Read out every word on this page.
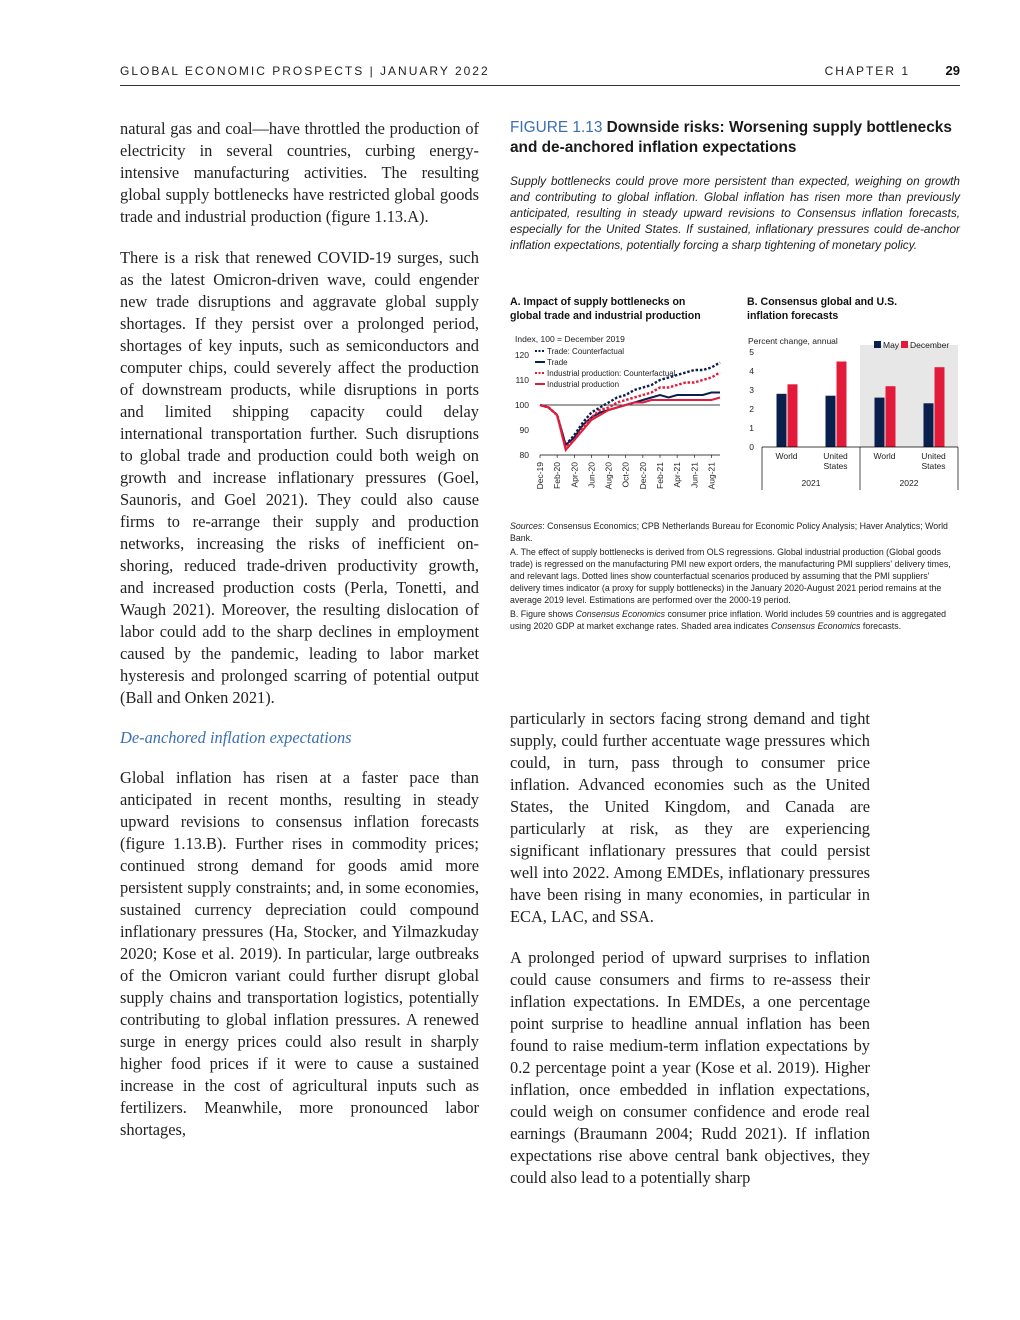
GLOBAL ECONOMIC PROSPECTS | JANUARY 2022	CHAPTER 1	29

natural gas and coal—have throttled the production of electricity in several countries, curbing energy-intensive manufacturing activities. The resulting global supply bottlenecks have restricted global goods trade and industrial production (figure 1.13.A).

There is a risk that renewed COVID-19 surges, such as the latest Omicron-driven wave, could engender new trade disruptions and aggravate global supply shortages. If they persist over a prolonged period, shortages of key inputs, such as semiconductors and computer chips, could severely affect the production of downstream products, while disruptions in ports and limited shipping capacity could delay international transportation further. Such disruptions to global trade and production could both weigh on growth and increase inflationary pressures (Goel, Saunoris, and Goel 2021). They could also cause firms to re-arrange their supply and production networks, increasing the risks of inefficient on-shoring, reduced trade-driven productivity growth, and increased production costs (Perla, Tonetti, and Waugh 2021). Moreover, the resulting dislocation of labor could add to the sharp declines in employment caused by the pandemic, leading to labor market hysteresis and prolonged scarring of potential output (Ball and Onken 2021).

De-anchored inflation expectations

Global inflation has risen at a faster pace than anticipated in recent months, resulting in steady upward revisions to consensus inflation forecasts (figure 1.13.B). Further rises in commodity prices; continued strong demand for goods amid more persistent supply constraints; and, in some economies, sustained currency depreciation could compound inflationary pressures (Ha, Stocker, and Yilmazkuday 2020; Kose et al. 2019). In particular, large outbreaks of the Omicron variant could further disrupt global supply chains and transportation logistics, potentially contributing to global inflation pressures. A renewed surge in energy prices could also result in sharply higher food prices if it were to cause a sustained increase in the cost of agricultural inputs such as fertilizers. Meanwhile, more pronounced labor shortages,

FIGURE 1.13 Downside risks: Worsening supply bottlenecks and de-anchored inflation expectations

Supply bottlenecks could prove more persistent than expected, weighing on growth and contributing to global inflation. Global inflation has risen more than previously anticipated, resulting in steady upward revisions to Consensus inflation forecasts, especially for the United States. If sustained, inflationary pressures could de-anchor inflation expectations, potentially forcing a sharp tightening of monetary policy.

A. Impact of supply bottlenecks on
global trade and industrial production
B. Consensus global and U.S.
inflation forecasts
Index, 100 = December 2019
80
90
100
110
120
Dec-19 Feb-20 Apr-20 Jun-20 Aug-20 Oct-20 Dec-20 Feb-21 Apr-21 Jun-21 Aug-21
Trade: Counterfactual
Trade
Industrial production: Counterfactual
Industrial production
Percent change, annual
0
1
2
3
4
5
World	United
States
World	United
States
2021	2022
May December

Sources: Consensus Economics; CPB Netherlands Bureau for Economic Policy Analysis; Haver Analytics; World Bank.

A. The effect of supply bottlenecks is derived from OLS regressions. Global industrial production (Global goods trade) is regressed on the manufacturing PMI new export orders, the manufacturing PMI suppliers' delivery times, and relevant lags. Dotted lines show counterfactual scenarios produced by assuming that the PMI suppliers' delivery times indicator (a proxy for supply bottlenecks) in the January 2020-August 2021 period remains at the average 2019 level. Estimations are performed over the 2000-19 period.

B. Figure shows Consensus Economics consumer price inflation. World includes 59 countries and is aggregated using 2020 GDP at market exchange rates. Shaded area indicates Consensus Economics forecasts.

particularly in sectors facing strong demand and tight supply, could further accentuate wage pressures which could, in turn, pass through to consumer price inflation. Advanced economies such as the United States, the United Kingdom, and Canada are particularly at risk, as they are experiencing significant inflationary pressures that could persist well into 2022. Among EMDEs, inflationary pressures have been rising in many economies, in particular in ECA, LAC, and SSA.

A prolonged period of upward surprises to inflation could cause consumers and firms to re-assess their inflation expectations. In EMDEs, a one percentage point surprise to headline annual inflation has been found to raise medium-term inflation expectations by 0.2 percentage point a year (Kose et al. 2019). Higher inflation, once embedded in inflation expectations, could weigh on consumer confidence and erode real earnings (Braumann 2004; Rudd 2021). If inflation expectations rise above central bank objectives, they could also lead to a potentially sharp
